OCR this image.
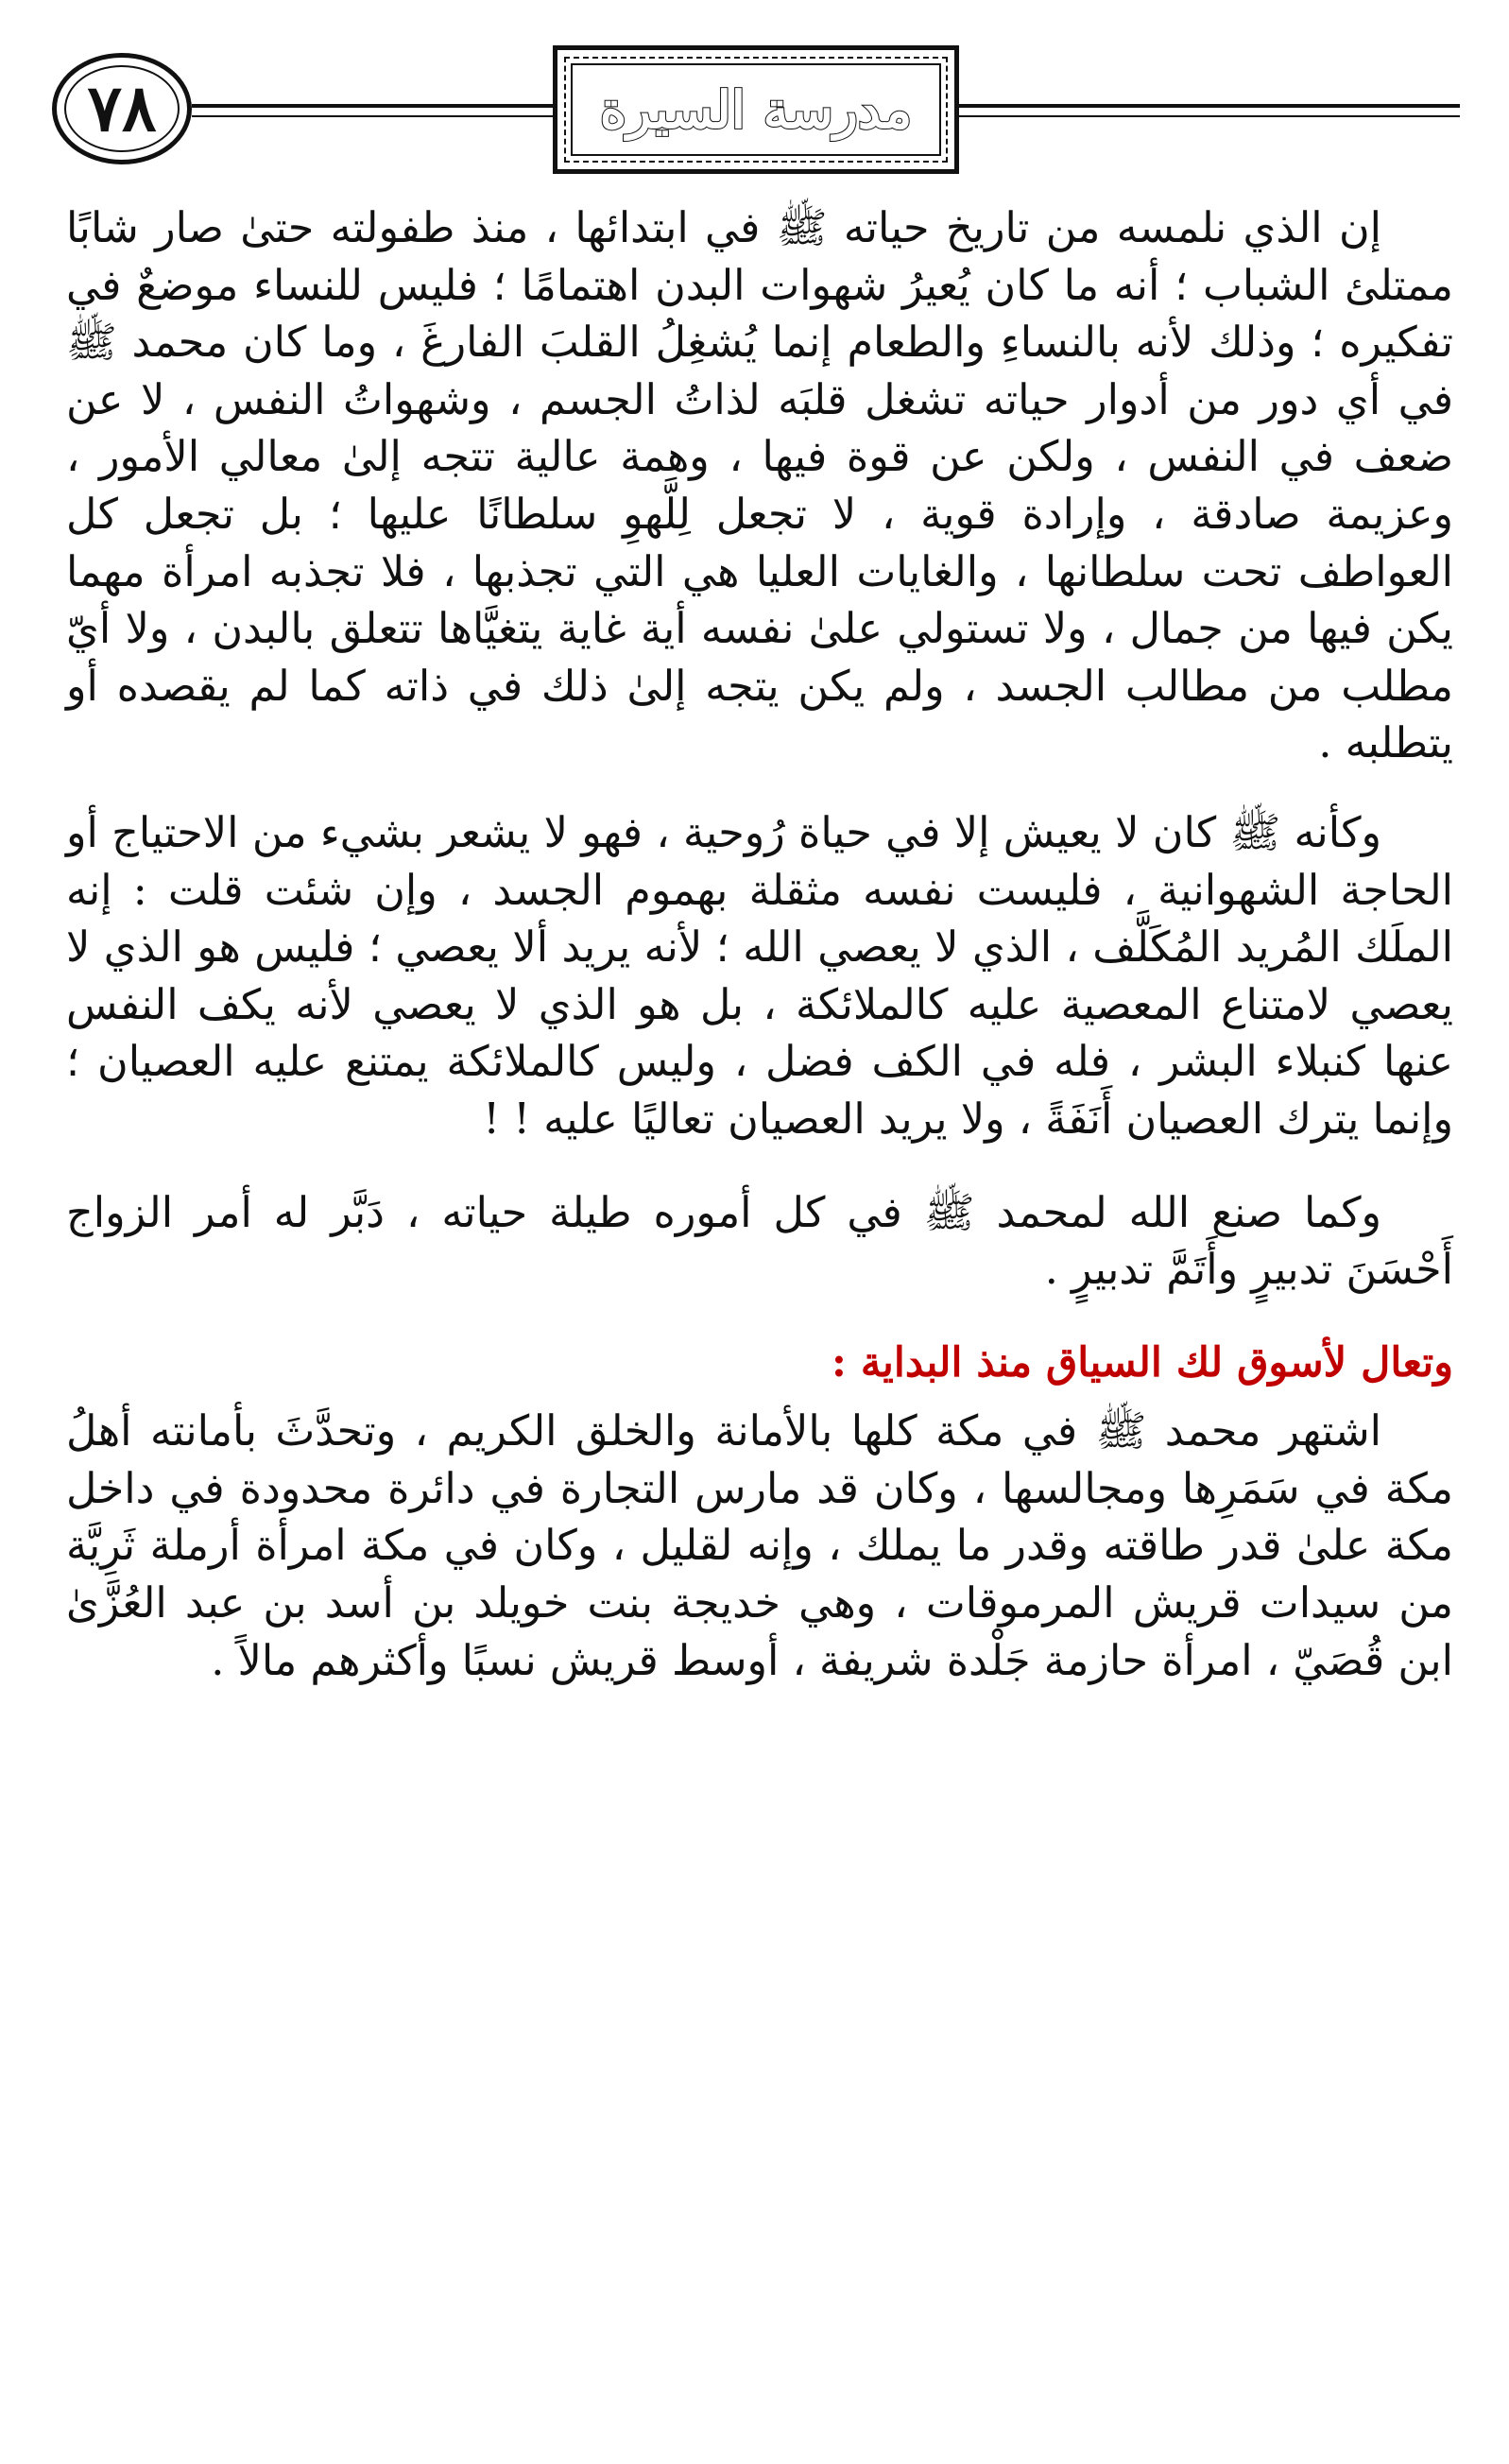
٧٨	مدرسة السيرة

إن الذي نلمسه من تاريخ حياته ﷺ في ابتدائها ، منذ طفولته حتىٰ صار شابًا ممتلئ الشباب ؛ أنه ما كان يُعيرُ شهوات البدن اهتمامًا ؛ فليس للنساء موضعٌ في تفكيره ؛ وذلك لأنه بالنساءِ والطعام إنما يُشغِلُ القلبَ الفارغَ ، وما كان محمد ﷺ في أي دور من أدوار حياته تشغل قلبَه لذاتُ الجسم ، وشهواتُ النفس ، لا عن ضعف في النفس ، ولكن عن قوة فيها ، وهمة عالية تتجه إلىٰ معالي الأمور ، وعزيمة صادقة ، وإرادة قوية ، لا تجعل لِلَّهوِ سلطانًا عليها ؛ بل تجعل كل العواطف تحت سلطانها ، والغايات العليا هي التي تجذبها ، فلا تجذبه امرأة مهما يكن فيها من جمال ، ولا تستولي علىٰ نفسه أية غاية يتغيَّاها تتعلق بالبدن ، ولا أيّ مطلب من مطالب الجسد ، ولم يكن يتجه إلىٰ ذلك في ذاته كما لم يقصده أو يتطلبه .

وكأنه ﷺ كان لا يعيش إلا في حياة رُوحية ، فهو لا يشعر بشيء من الاحتياج أو الحاجة الشهوانية ، فليست نفسه مثقلة بهموم الجسد ، وإن شئت قلت : إنه الملَك المُريد المُكَلَّف ، الذي لا يعصي الله ؛ لأنه يريد ألا يعصي ؛ فليس هو الذي لا يعصي لامتناع المعصية عليه كالملائكة ، بل هو الذي لا يعصي لأنه يكف النفس عنها كنبلاء البشر ، فله في الكف فضل ، وليس كالملائكة يمتنع عليه العصيان ؛ وإنما يترك العصيان أَنَفَةً ، ولا يريد العصيان تعاليًا عليه ! !

وكما صنع الله لمحمد ﷺ في كل أموره طيلة حياته ، دَبَّر له أمر الزواج أَحْسَنَ تدبيرٍ وأَتَمَّ تدبيرٍ .

وتعال لأسوق لك السياق منذ البداية :

اشتهر محمد ﷺ في مكة كلها بالأمانة والخلق الكريم ، وتحدَّثَ بأمانته أهلُ مكة في سَمَرِها ومجالسها ، وكان قد مارس التجارة في دائرة محدودة في داخل مكة علىٰ قدر طاقته وقدر ما يملك ، وإنه لقليل ، وكان في مكة امرأة أرملة ثَرِيَّة من سيدات قريش المرموقات ، وهي خديجة بنت خويلد بن أسد بن عبد العُزَّىٰ ابن قُصَيّ ، امرأة حازمة جَلْدة شريفة ، أوسط قريش نسبًا وأكثرهم مالاً .
